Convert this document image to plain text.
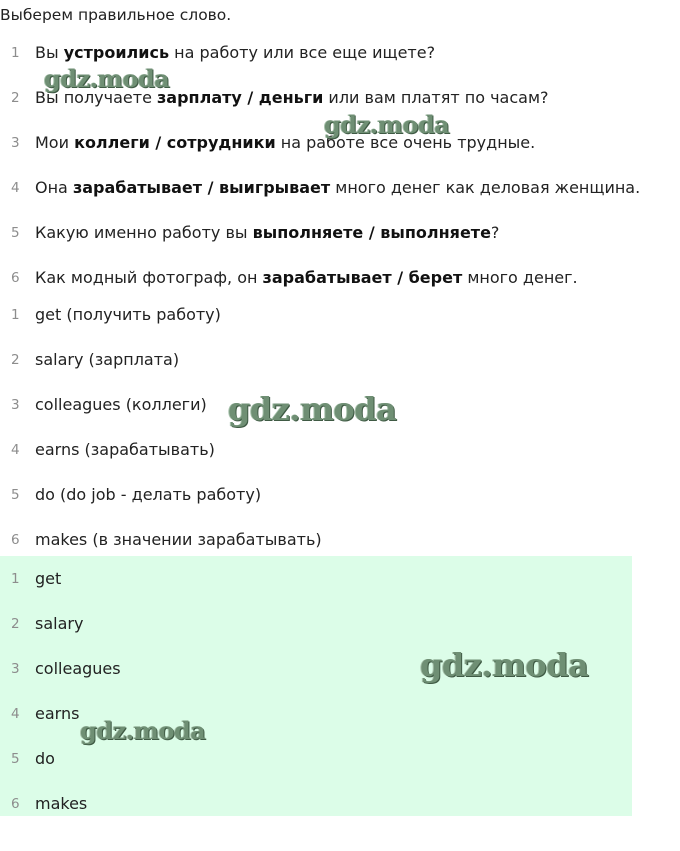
Выберем правильное слово.
1 Вы устроились на работу или все еще ищете?
2 Вы получаете зарплату / деньги или вам платят по часам?
3 Мои коллеги / сотрудники на работе все очень трудные.
4 Она зарабатывает / выигрывает много денег как деловая женщина.
5 Какую именно работу вы выполняете / выполняете?
6 Как модный фотограф, он зарабатывает / берет много денег.
1 get (получить работу)
2 salary (зарплата)
3 colleagues (коллеги)
4 earns (зарабатывать)
5 do (do job - делать работу)
6 makes (в значении зарабатывать)
1 get
2 salary
3 colleagues
4 earns
5 do
6 makes
gdz.moda
gdz.moda
gdz.moda
gdz.moda
gdz.moda
